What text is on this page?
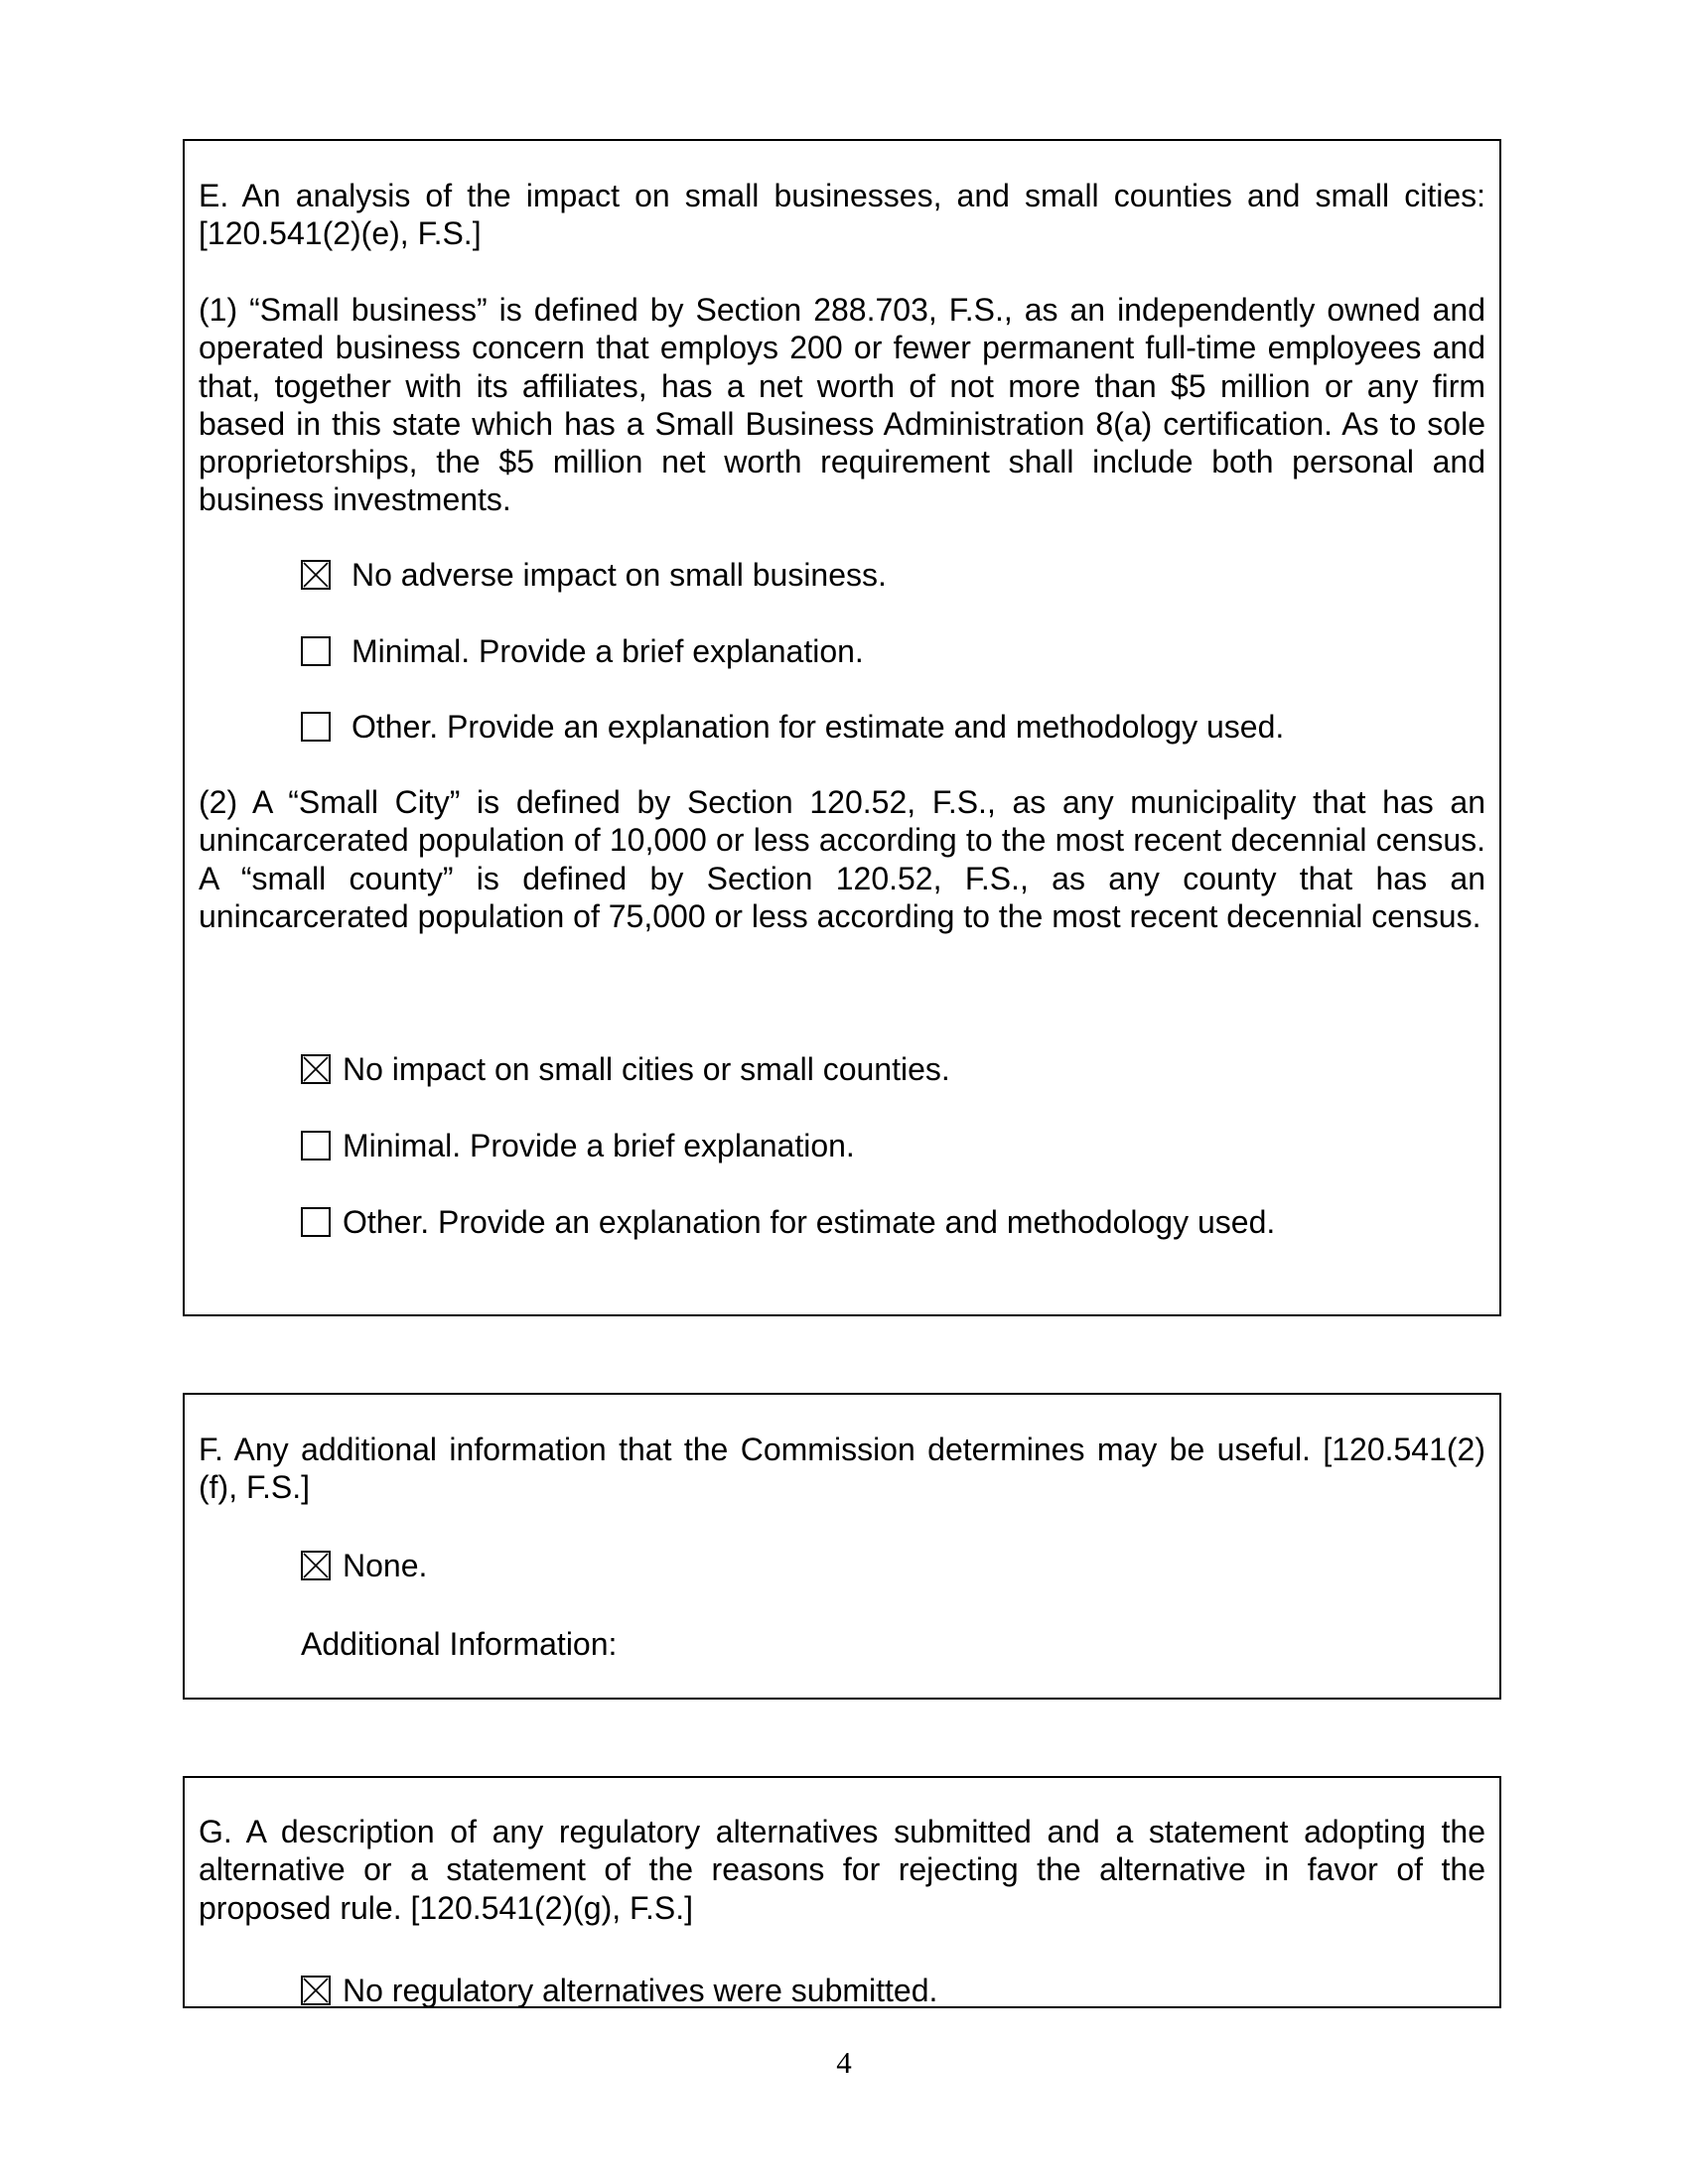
E. An analysis of the impact on small businesses, and small counties and small cities: [120.541(2)(e), F.S.]

(1) “Small business” is defined by Section 288.703, F.S., as an independently owned and operated business concern that employs 200 or fewer permanent full-time employees and that, together with its affiliates, has a net worth of not more than $5 million or any firm based in this state which has a Small Business Administration 8(a) certification. As to sole proprietorships, the $5 million net worth requirement shall include both personal and business investments.

No adverse impact on small business.
Minimal. Provide a brief explanation.
Other. Provide an explanation for estimate and methodology used.

(2) A “Small City” is defined by Section 120.52, F.S., as any municipality that has an unincarcerated population of 10,000 or less according to the most recent decennial census. A “small county” is defined by Section 120.52, F.S., as any county that has an unincarcerated population of 75,000 or less according to the most recent decennial census.

No impact on small cities or small counties.
Minimal. Provide a brief explanation.
Other. Provide an explanation for estimate and methodology used.

F. Any additional information that the Commission determines may be useful. [120.541(2)(f), F.S.]

None.
Additional Information:

G. A description of any regulatory alternatives submitted and a statement adopting the alternative or a statement of the reasons for rejecting the alternative in favor of the proposed rule. [120.541(2)(g), F.S.]

No regulatory alternatives were submitted.
4
